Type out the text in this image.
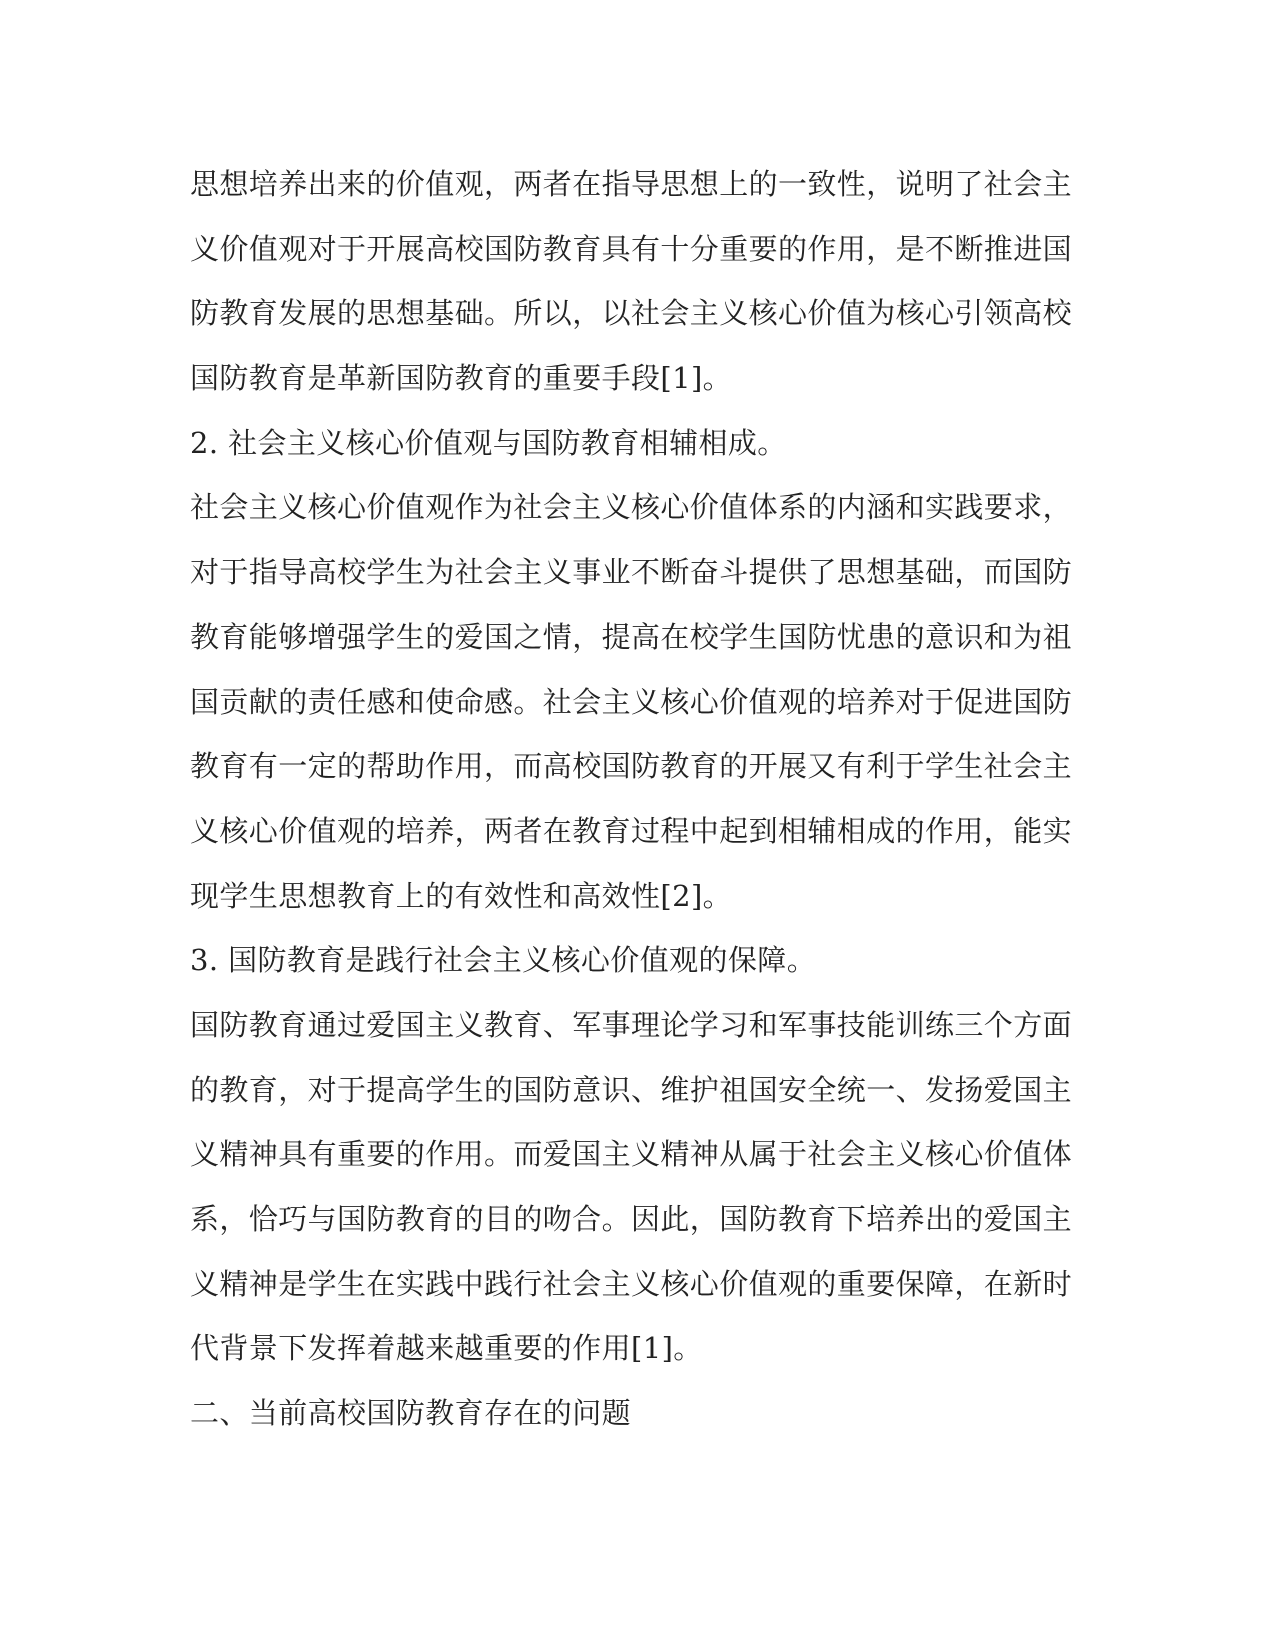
思想培养出来的价值观，两者在指导思想上的一致性，说明了社会主
义价值观对于开展高校国防教育具有十分重要的作用，是不断推进国
防教育发展的思想基础。所以，以社会主义核心价值为核心引领高校
国防教育是革新国防教育的重要手段[1]。
2. 社会主义核心价值观与国防教育相辅相成。
社会主义核心价值观作为社会主义核心价值体系的内涵和实践要求，
对于指导高校学生为社会主义事业不断奋斗提供了思想基础，而国防
教育能够增强学生的爱国之情，提高在校学生国防忧患的意识和为祖
国贡献的责任感和使命感。社会主义核心价值观的培养对于促进国防
教育有一定的帮助作用，而高校国防教育的开展又有利于学生社会主
义核心价值观的培养，两者在教育过程中起到相辅相成的作用，能实
现学生思想教育上的有效性和高效性[2]。
3. 国防教育是践行社会主义核心价值观的保障。
国防教育通过爱国主义教育、军事理论学习和军事技能训练三个方面
的教育，对于提高学生的国防意识、维护祖国安全统一、发扬爱国主
义精神具有重要的作用。而爱国主义精神从属于社会主义核心价值体
系，恰巧与国防教育的目的吻合。因此，国防教育下培养出的爱国主
义精神是学生在实践中践行社会主义核心价值观的重要保障，在新时
代背景下发挥着越来越重要的作用[1]。
二、当前高校国防教育存在的问题
